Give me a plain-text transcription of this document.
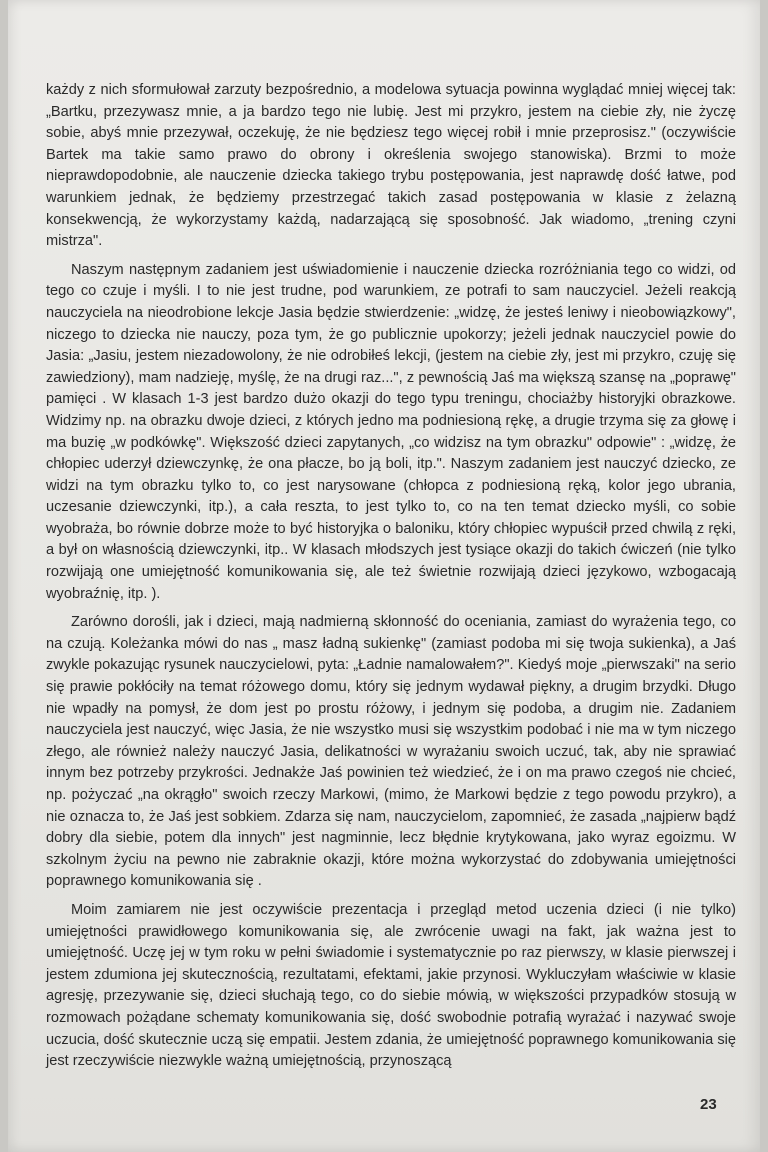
każdy z nich sformułował zarzuty bezpośrednio, a modelowa sytuacja powinna wyglądać mniej więcej tak: „Bartku, przezywasz mnie, a ja bardzo tego nie lubię. Jest mi przykro, jestem na ciebie zły, nie życzę sobie, abyś mnie przezywał, oczekuję, że nie będziesz tego więcej robił i mnie przeprosisz." (oczywiście Bartek ma takie samo prawo do obrony i określenia swojego stanowiska). Brzmi to może nieprawdopodobnie, ale nauczenie dziecka takiego trybu postępowania, jest naprawdę dość łatwe, pod warunkiem jednak, że będziemy przestrzegać takich zasad postępowania w klasie z żelazną konsekwencją, że wykorzystamy każdą, nadarzającą się sposobność. Jak wiadomo, „trening czyni mistrza".

Naszym następnym zadaniem jest uświadomienie i nauczenie dziecka rozróżniania tego co widzi, od tego co czuje i myśli. I to nie jest trudne, pod warunkiem, ze potrafi to sam nauczyciel. Jeżeli reakcją nauczyciela na nieodrobione lekcje Jasia będzie stwierdzenie: „widzę, że jesteś leniwy i nieobowiązkowy", niczego to dziecka nie nauczy, poza tym, że go publicznie upokorzy; jeżeli jednak nauczyciel powie do Jasia: „Jasiu, jestem niezadowolony, że nie odrobiłeś lekcji, (jestem na ciebie zły, jest mi przykro, czuję się zawiedziony), mam nadzieję, myślę, że na drugi raz...", z pewnością Jaś ma większą szansę na „poprawę" pamięci . W klasach 1-3 jest bardzo dużo okazji do tego typu treningu, chociażby historyjki obrazkowe. Widzimy np. na obrazku dwoje dzieci, z których jedno ma podniesioną rękę, a drugie trzyma się za głowę i ma buzię „w podkówkę". Większość dzieci zapytanych, „co widzisz na tym obrazku" odpowie" : „widzę, że chłopiec uderzył dziewczynkę, że ona płacze, bo ją boli, itp.". Naszym zadaniem jest nauczyć dziecko, ze widzi na tym obrazku tylko to, co jest narysowane (chłopca z podniesioną ręką, kolor jego ubrania, uczesanie dziewczynki, itp.), a cała reszta, to jest tylko to, co na ten temat dziecko myśli, co sobie wyobraża, bo równie dobrze może to być historyjka o baloniku, który chłopiec wypuścił przed chwilą z ręki, a był on własnością dziewczynki, itp.. W klasach młodszych jest tysiące okazji do takich ćwiczeń (nie tylko rozwijają one umiejętność komunikowania się, ale też świetnie rozwijają dzieci językowo, wzbogacają wyobraźnię, itp. ).

Zarówno dorośli, jak i dzieci, mają nadmierną skłonność do oceniania, zamiast do wyrażenia tego, co na czują. Koleżanka mówi do nas „ masz ładną sukienkę" (zamiast podoba mi się twoja sukienka), a Jaś zwykle pokazując rysunek nauczycielowi, pyta: „Ładnie namalowałem?". Kiedyś moje „pierwszaki" na serio się prawie pokłóciły na temat różowego domu, który się jednym wydawał piękny, a drugim brzydki. Długo nie wpadły na pomysł, że dom jest po prostu różowy, i jednym się podoba, a drugim nie. Zadaniem nauczyciela jest nauczyć, więc Jasia, że nie wszystko musi się wszystkim podobać i nie ma w tym niczego złego, ale również należy nauczyć Jasia, delikatności w wyrażaniu swoich uczuć, tak, aby nie sprawiać innym bez potrzeby przykrości. Jednakże Jaś powinien też wiedzieć, że i on ma prawo czegoś nie chcieć, np. pożyczać „na okrągło" swoich rzeczy Markowi, (mimo, że Markowi będzie z tego powodu przykro), a nie oznacza to, że Jaś jest sobkiem. Zdarza się nam, nauczycielom, zapomnieć, że zasada „najpierw bądź dobry dla siebie, potem dla innych" jest nagminnie, lecz błędnie krytykowana, jako wyraz egoizmu. W szkolnym życiu na pewno nie zabraknie okazji, które można wykorzystać do zdobywania umiejętności poprawnego komunikowania się .

Moim zamiarem nie jest oczywiście prezentacja i przegląd metod uczenia dzieci (i nie tylko) umiejętności prawidłowego komunikowania się, ale zwrócenie uwagi na fakt, jak ważna jest to umiejętność. Uczę jej w tym roku w pełni świadomie i systematycznie po raz pierwszy, w klasie pierwszej i jestem zdumiona jej skutecznością, rezultatami, efektami, jakie przynosi. Wykluczyłam właściwie w klasie agresję, przezywanie się, dzieci słuchają tego, co do siebie mówią, w większości przypadków stosują w rozmowach pożądane schematy komunikowania się, dość swobodnie potrafią wyrażać i nazywać swoje uczucia, dość skutecznie uczą się empatii. Jestem zdania, że umiejętność poprawnego komunikowania się jest rzeczywiście niezwykle ważną umiejętnością, przynoszącą

23
